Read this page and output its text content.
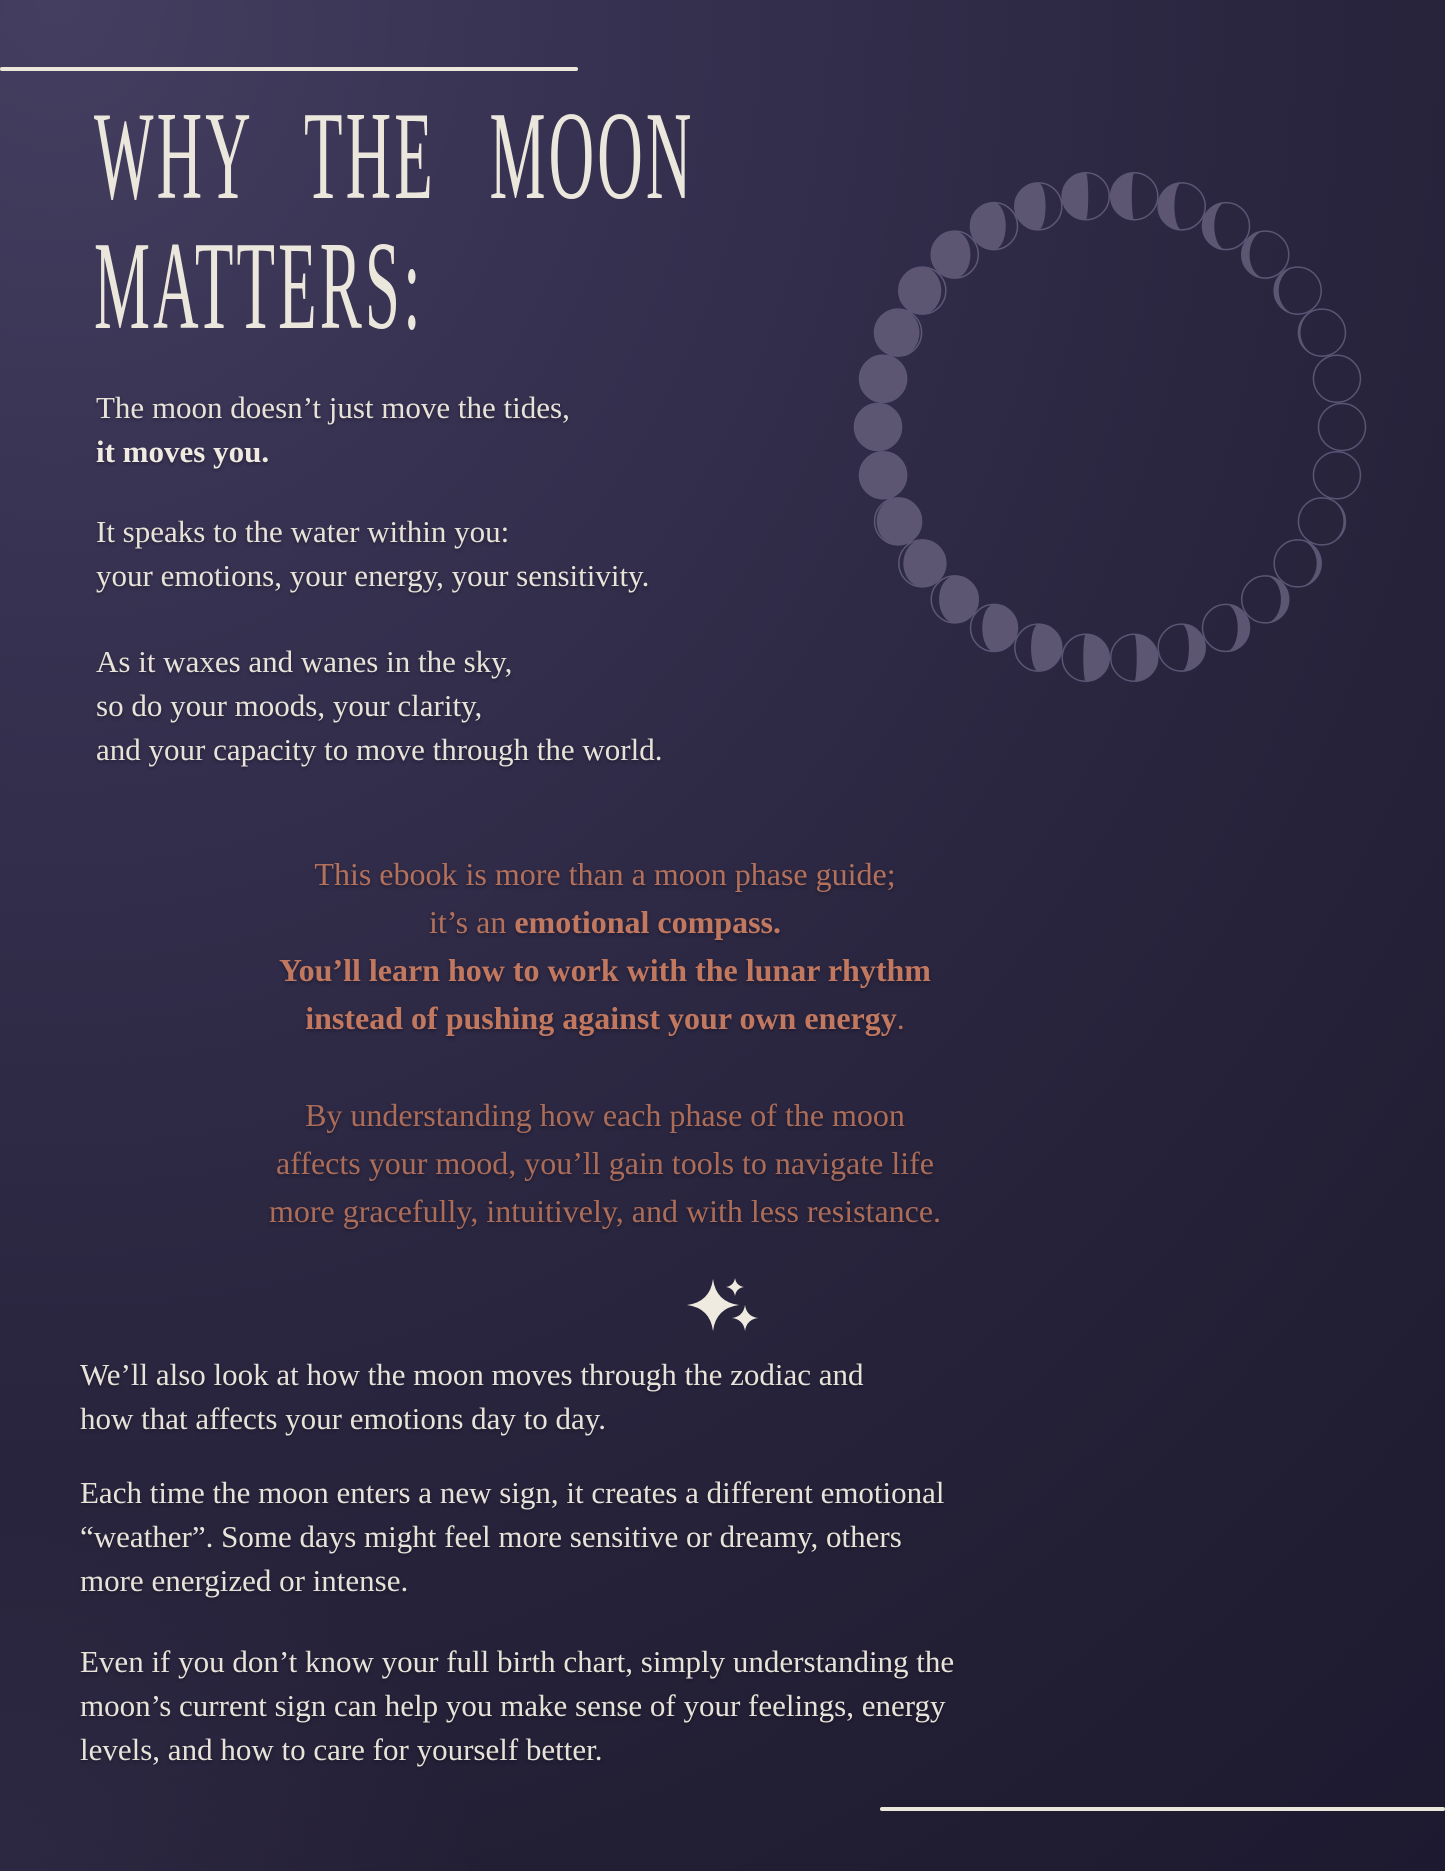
WHY THE MOON
MATTERS:
The moon doesn’t just move the tides,
it moves you.
It speaks to the water within you:
your emotions, your energy, your sensitivity.
As it waxes and wanes in the sky,
so do your moods, your clarity,
and your capacity to move through the world.
This ebook is more than a moon phase guide;
it’s an emotional compass.
You’ll learn how to work with the lunar rhythm
instead of pushing against your own energy.
By understanding how each phase of the moon
affects your mood, you’ll gain tools to navigate life
more gracefully, intuitively, and with less resistance.
We’ll also look at how the moon moves through the zodiac and
how that affects your emotions day to day.
Each time the moon enters a new sign, it creates a different emotional
“weather”. Some days might feel more sensitive or dreamy, others
more energized or intense.
Even if you don’t know your full birth chart, simply understanding the
moon’s current sign can help you make sense of your feelings, energy
levels, and how to care for yourself better.
